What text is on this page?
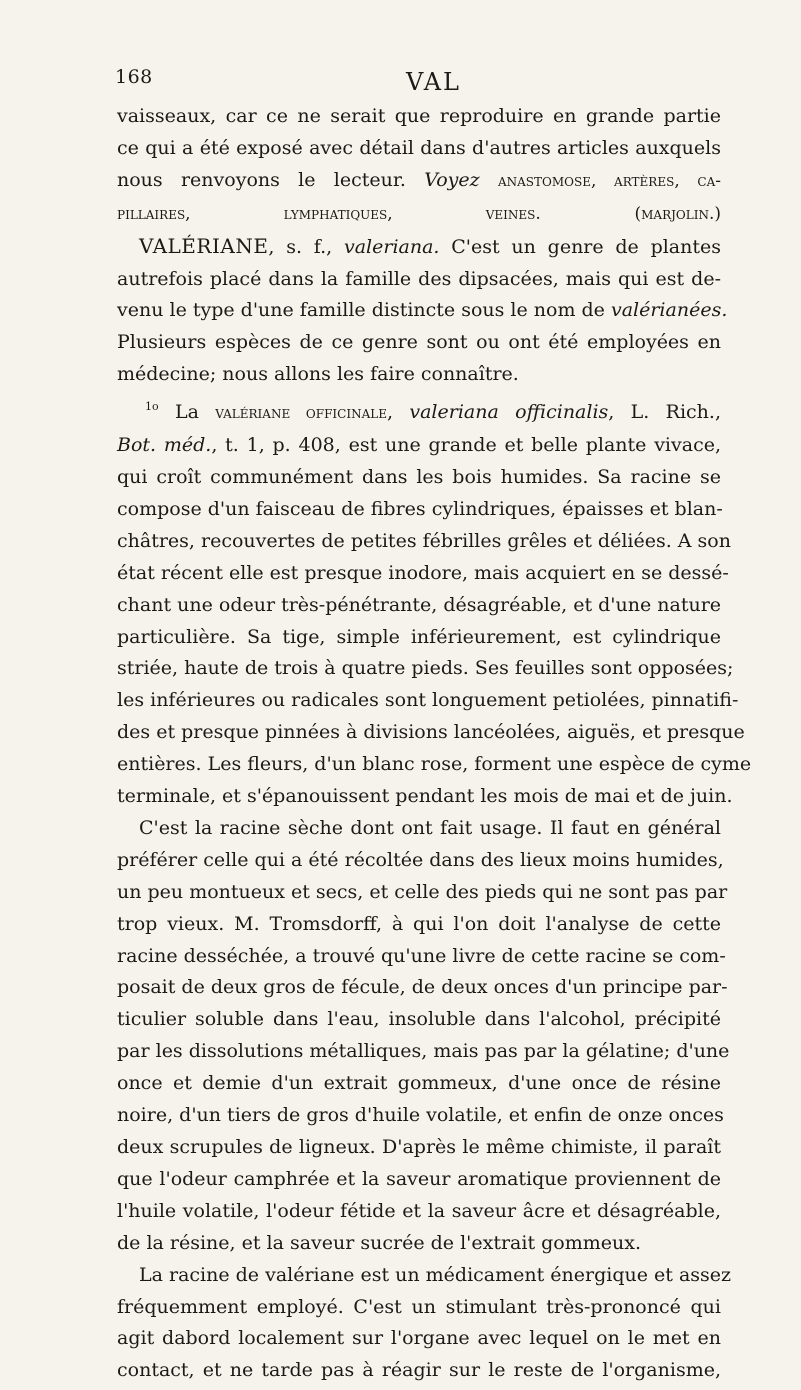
168	VAL
vaisseaux, car ce ne serait que reproduire en grande partie
ce qui a été exposé avec détail dans d'autres articles auxquels
nous renvoyons le lecteur. Voyez anastomose, artères, ca-
pillaires, lymphatiques, veines.	(marjolin.)
VALÉRIANE, s. f., valeriana. C'est un genre de plantes
autrefois placé dans la famille des dipsacées, mais qui est de-
venu le type d'une famille distincte sous le nom de valérianées.
Plusieurs espèces de ce genre sont ou ont été employées en
médecine; nous allons les faire connaître.
$^{1o}$ La valériane officinale, valeriana officinalis, L. Rich.,
Bot. méd., t. 1, p. 408, est une grande et belle plante vivace,
qui croît communément dans les bois humides. Sa racine se
compose d'un faisceau de fibres cylindriques, épaisses et blan-
châtres, recouvertes de petites fébrilles grêles et déliées. A son
état récent elle est presque inodore, mais acquiert en se dessé-
chant une odeur très-pénétrante, désagréable, et d'une nature
particulière. Sa tige, simple inférieurement, est cylindrique
striée, haute de trois à quatre pieds. Ses feuilles sont opposées;
les inférieures ou radicales sont longuement petiolées, pinnatifi-
des et presque pinnées à divisions lancéolées, aiguës, et presque
entières. Les fleurs, d'un blanc rose, forment une espèce de cyme
terminale, et s'épanouissent pendant les mois de mai et de juin.
C'est la racine sèche dont ont fait usage. Il faut en général
préférer celle qui a été récoltée dans des lieux moins humides,
un peu montueux et secs, et celle des pieds qui ne sont pas par
trop vieux. M. Tromsdorff, à qui l'on doit l'analyse de cette
racine desséchée, a trouvé qu'une livre de cette racine se com-
posait de deux gros de fécule, de deux onces d'un principe par-
ticulier soluble dans l'eau, insoluble dans l'alcohol, précipité
par les dissolutions métalliques, mais pas par la gélatine; d'une
once et demie d'un extrait gommeux, d'une once de résine
noire, d'un tiers de gros d'huile volatile, et enfin de onze onces
deux scrupules de ligneux. D'après le même chimiste, il paraît
que l'odeur camphrée et la saveur aromatique proviennent de
l'huile volatile, l'odeur fétide et la saveur âcre et désagréable,
de la résine, et la saveur sucrée de l'extrait gommeux.
La racine de valériane est un médicament énergique et assez
fréquemment employé. C'est un stimulant très-prononcé qui
agit dabord localement sur l'organe avec lequel on le met en
contact, et ne tarde pas à réagir sur le reste de l'organisme,
